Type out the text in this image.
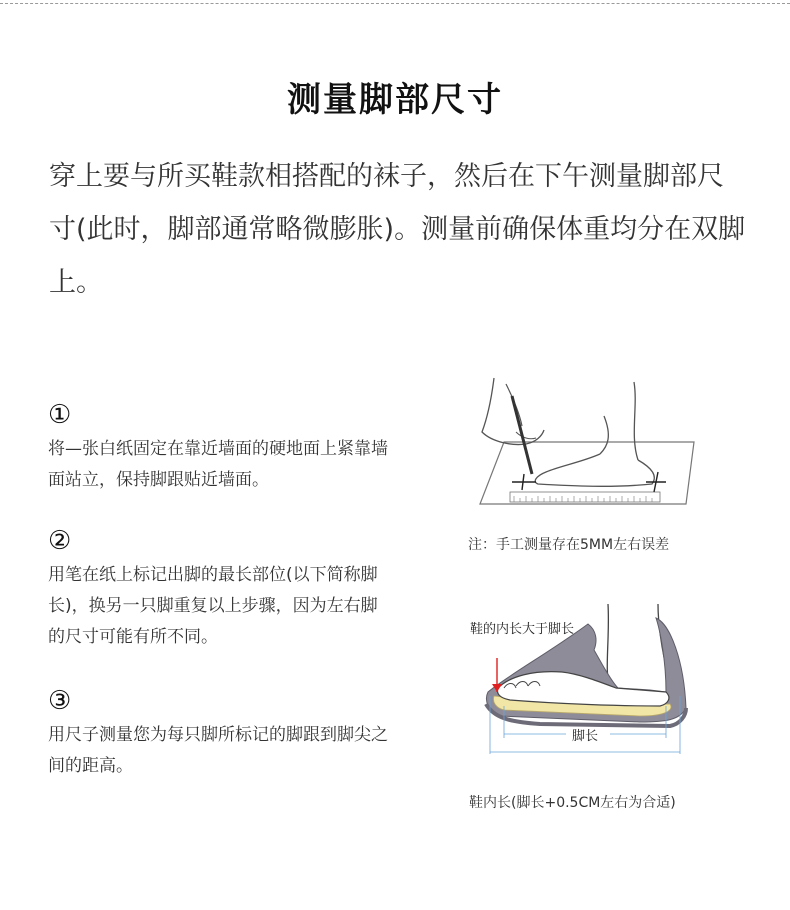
测量脚部尺寸
穿上要与所买鞋款相搭配的袜子，然后在下午测量脚部尺寸(此时，脚部通常略微膨胀)。测量前确保体重均分在双脚上。
①
将—张白纸固定在靠近墙面的硬地面上紧靠墙面站立，保持脚跟贴近墙面。
②
用笔在纸上标记出脚的最长部位(以下简称脚长)，换另一只脚重复以上步骤，因为左右脚的尺寸可能有所不同。
③
用尺子测量您为每只脚所标记的脚跟到脚尖之间的距高。
注：手工测量存在5MM左右误差
鞋的内长大于脚长
脚长
鞋内长(脚长+0.5CM左右为合适)
